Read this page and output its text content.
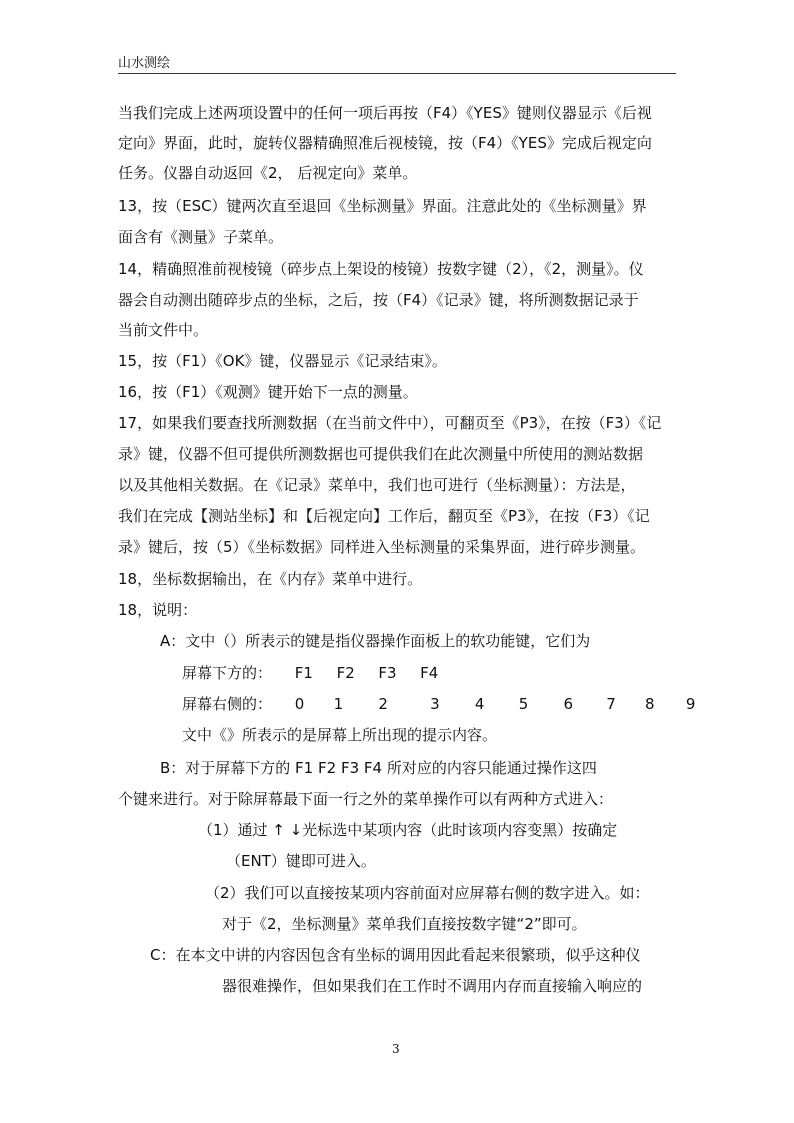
山水测绘
当我们完成上述两项设置中的任何一项后再按（F4）《YES》键则仪器显示《后视
定向》界面，此时，旋转仪器精确照准后视棱镜，按（F4）《YES》完成后视定向
任务。仪器自动返回《2， 后视定向》菜单。
13，按（ESC）键两次直至退回《坐标测量》界面。注意此处的《坐标测量》界
面含有《测量》子菜单。
14，精确照准前视棱镜（碎步点上架设的棱镜）按数字键（2），《2，测量》。仪
器会自动测出随碎步点的坐标，之后，按（F4）《记录》键，将所测数据记录于
当前文件中。
15，按（F1）《OK》键，仪器显示《记录结束》。
16，按（F1）《观测》键开始下一点的测量。
17，如果我们要查找所测数据（在当前文件中），可翻页至《P3》，在按（F3）《记
录》键，仪器不但可提供所测数据也可提供我们在此次测量中所使用的测站数据
以及其他相关数据。在《记录》菜单中，我们也可进行（坐标测量）：方法是，
我们在完成【测站坐标】和【后视定向】工作后，翻页至《P3》，在按（F3）《记
录》键后，按（5）《坐标数据》同样进入坐标测量的采集界面，进行碎步测量。
18，坐标数据输出，在《内存》菜单中进行。
18，说明：
A：文中（）所表示的键是指仪器操作面板上的软功能键，它们为
屏幕下方的： F1 F2 F3 F4
屏幕右侧的： 0 1 2	3 4 5 6 7 8 9
文中《》所表示的是屏幕上所出现的提示内容。
B：对于屏幕下方的 F1 F2 F3 F4 所对应的内容只能通过操作这四
个键来进行。对于除屏幕最下面一行之外的菜单操作可以有两种方式进入：
（1）通过 ↑ ↓光标选中某项内容（此时该项内容变黑）按确定
（ENT）键即可进入。
（2）我们可以直接按某项内容前面对应屏幕右侧的数字进入。如：
对于《2，坐标测量》菜单我们直接按数字键“2”即可。
C：在本文中讲的内容因包含有坐标的调用因此看起来很繁琐，似乎这种仪
器很难操作，但如果我们在工作时不调用内存而直接输入响应的
3
